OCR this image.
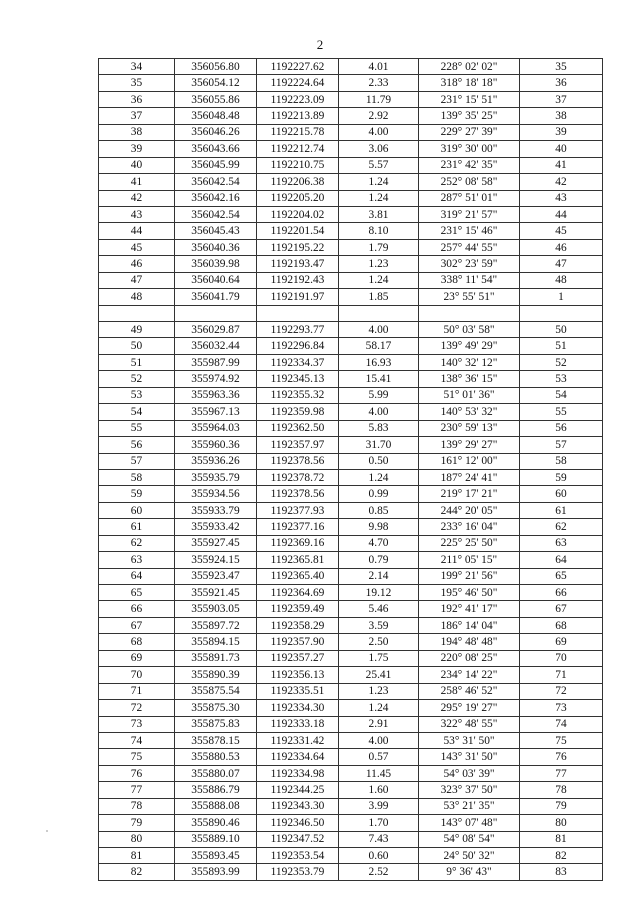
2
34	356056.80	1192227.62	4.01	228° 02' 02"	35
35	356054.12	1192224.64	2.33	318° 18' 18"	36
36	356055.86	1192223.09	11.79	231° 15' 51"	37
37	356048.48	1192213.89	2.92	139° 35' 25"	38
38	356046.26	1192215.78	4.00	229° 27' 39"	39
39	356043.66	1192212.74	3.06	319° 30' 00"	40
40	356045.99	1192210.75	5.57	231° 42' 35"	41
41	356042.54	1192206.38	1.24	252° 08' 58"	42
42	356042.16	1192205.20	1.24	287° 51' 01"	43
43	356042.54	1192204.02	3.81	319° 21' 57"	44
44	356045.43	1192201.54	8.10	231° 15' 46"	45
45	356040.36	1192195.22	1.79	257° 44' 55"	46
46	356039.98	1192193.47	1.23	302° 23' 59"	47
47	356040.64	1192192.43	1.24	338° 11' 54"	48
48	356041.79	1192191.97	1.85	23° 55' 51"	1

49	356029.87	1192293.77	4.00	50° 03' 58"	50
50	356032.44	1192296.84	58.17	139° 49' 29"	51
51	355987.99	1192334.37	16.93	140° 32' 12"	52
52	355974.92	1192345.13	15.41	138° 36' 15"	53
53	355963.36	1192355.32	5.99	51° 01' 36"	54
54	355967.13	1192359.98	4.00	140° 53' 32"	55
55	355964.03	1192362.50	5.83	230° 59' 13"	56
56	355960.36	1192357.97	31.70	139° 29' 27"	57
57	355936.26	1192378.56	0.50	161° 12' 00"	58
58	355935.79	1192378.72	1.24	187° 24' 41"	59
59	355934.56	1192378.56	0.99	219° 17' 21"	60
60	355933.79	1192377.93	0.85	244° 20' 05"	61
61	355933.42	1192377.16	9.98	233° 16' 04"	62
62	355927.45	1192369.16	4.70	225° 25' 50"	63
63	355924.15	1192365.81	0.79	211° 05' 15"	64
64	355923.47	1192365.40	2.14	199° 21' 56"	65
65	355921.45	1192364.69	19.12	195° 46' 50"	66
66	355903.05	1192359.49	5.46	192° 41' 17"	67
67	355897.72	1192358.29	3.59	186° 14' 04"	68
68	355894.15	1192357.90	2.50	194° 48' 48"	69
69	355891.73	1192357.27	1.75	220° 08' 25"	70
70	355890.39	1192356.13	25.41	234° 14' 22"	71
71	355875.54	1192335.51	1.23	258° 46' 52"	72
72	355875.30	1192334.30	1.24	295° 19' 27"	73
73	355875.83	1192333.18	2.91	322° 48' 55"	74
74	355878.15	1192331.42	4.00	53° 31' 50"	75
75	355880.53	1192334.64	0.57	143° 31' 50"	76
76	355880.07	1192334.98	11.45	54° 03' 39"	77
77	355886.79	1192344.25	1.60	323° 37' 50"	78
78	355888.08	1192343.30	3.99	53° 21' 35"	79
79	355890.46	1192346.50	1.70	143° 07' 48"	80
80	355889.10	1192347.52	7.43	54° 08' 54"	81
81	355893.45	1192353.54	0.60	24° 50' 32"	82
82	355893.99	1192353.79	2.52	9° 36' 43"	83
